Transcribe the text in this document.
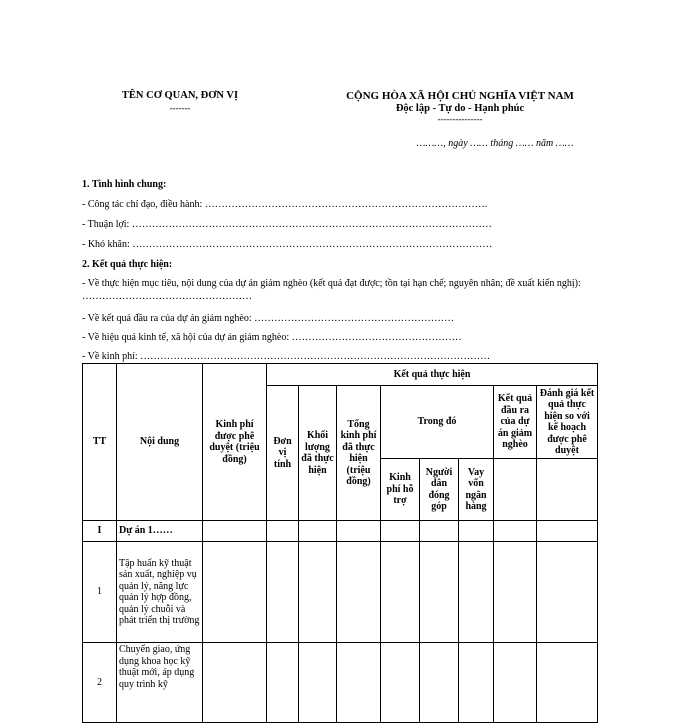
TÊN CƠ QUAN, ĐƠN VỊ
-------
CỘNG HÒA XÃ HỘI CHỦ NGHĨA VIỆT NAM
Độc lập - Tự do - Hạnh phúc
---------------
………, ngày …… tháng …… năm ……
1. Tình hình chung:
- Công tác chỉ đạo, điều hành: ………………………………………………………………………….
- Thuận lợi: ………………………………………………………………………………………………
- Khó khăn: ………………………………………………………………………………………………
2. Kết quả thực hiện:
- Về thực hiện mục tiêu, nội dung của dự án giảm nghèo (kết quả đạt được; tồn tại hạn chế; nguyên nhân; đề xuất kiến nghị): ……………………………………………
- Về kết quả đầu ra của dự án giảm nghèo: ……………………………………………………
- Về hiệu quả kinh tế, xã hội của dự án giảm nghèo: ……………………………………………
- Về kinh phí: ……………………………………………………………………………………………
TT	Nội dung	Kinh phí được phê duyệt (triệu đồng)	Kết quả thực hiện							
			Đơn vị tính	Khối lượng đã thực hiện	Tổng kinh phí đã thực hiện (triệu đồng)	Trong đó			Kết quả đầu ra của dự án giảm nghèo	Đánh giá kết quả thực hiện so với kế hoạch được phê duyệt
						Kinh phí hỗ trợ	Người dân đóng góp	Vay vốn ngân hàng		
I	Dự án 1……									
1	Tập huấn kỹ thuật sản xuất, nghiệp vụ quản lý, năng lực quản lý hợp đồng, quản lý chuỗi và phát triển thị trường									
2	Chuyển giao, ứng dụng khoa học kỹ thuật mới, áp dụng quy trình kỹ									
